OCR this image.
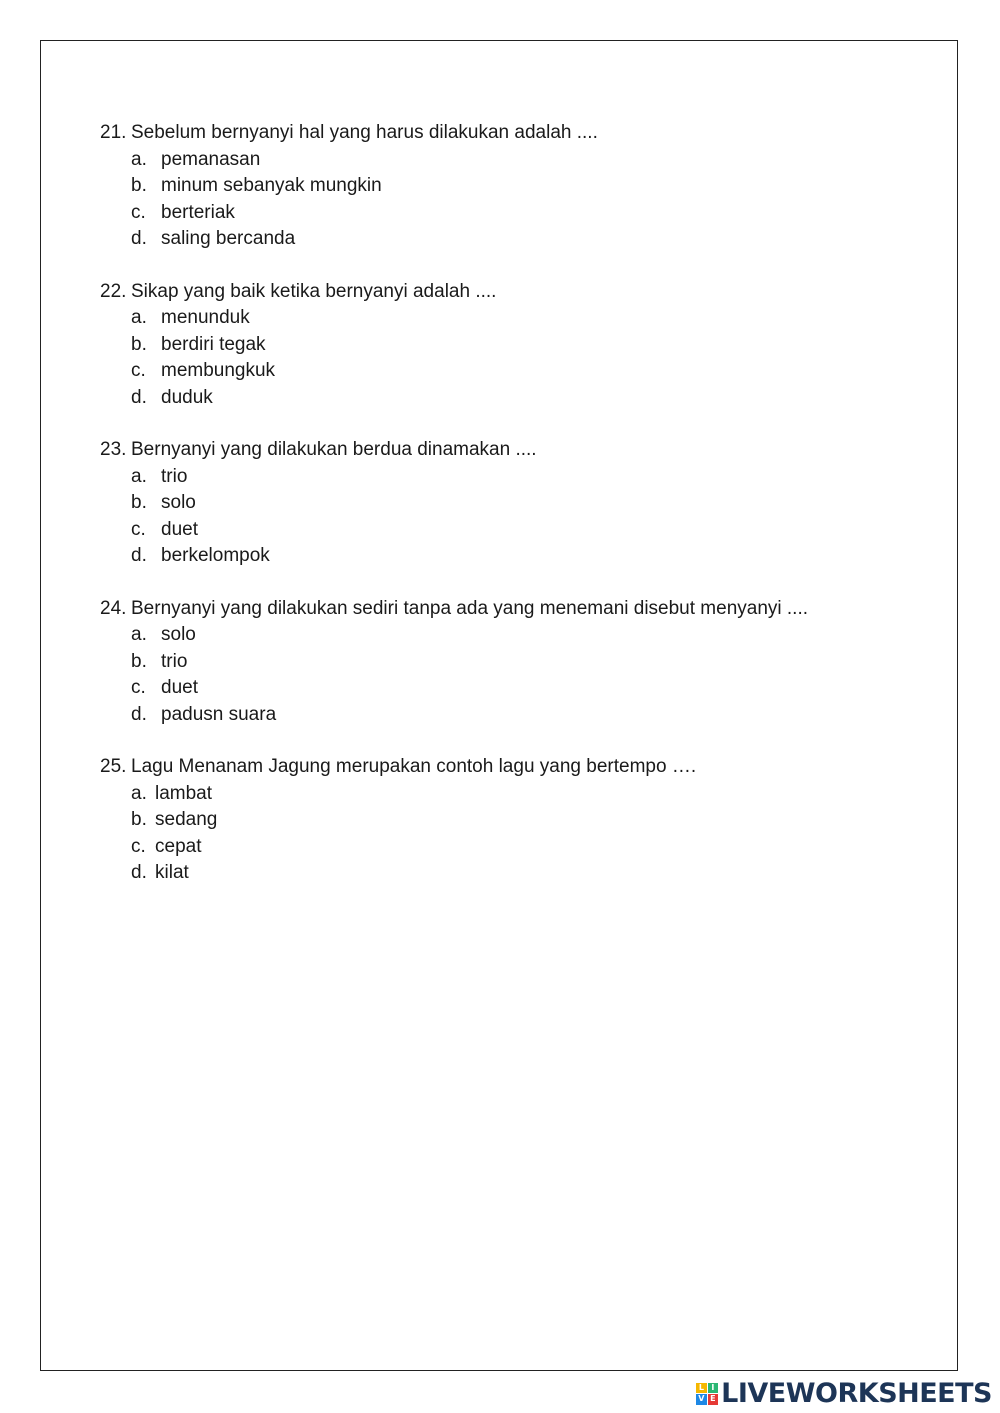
21. Sebelum bernyanyi hal yang harus dilakukan adalah ....
a. pemanasan
b. minum sebanyak mungkin
c. berteriak
d. saling bercanda
22. Sikap yang baik ketika bernyanyi adalah ....
a. menunduk
b. berdiri tegak
c. membungkuk
d. duduk
23. Bernyanyi yang dilakukan berdua dinamakan ....
a. trio
b. solo
c. duet
d. berkelompok
24. Bernyanyi yang dilakukan sediri tanpa ada yang menemani disebut menyanyi ....
a. solo
b. trio
c. duet
d. padusn suara
25. Lagu Menanam Jagung merupakan contoh lagu yang bertempo ….
a. lambat
b. sedang
c. cepat
d. kilat
L I
V E LIVEWORKSHEETS
